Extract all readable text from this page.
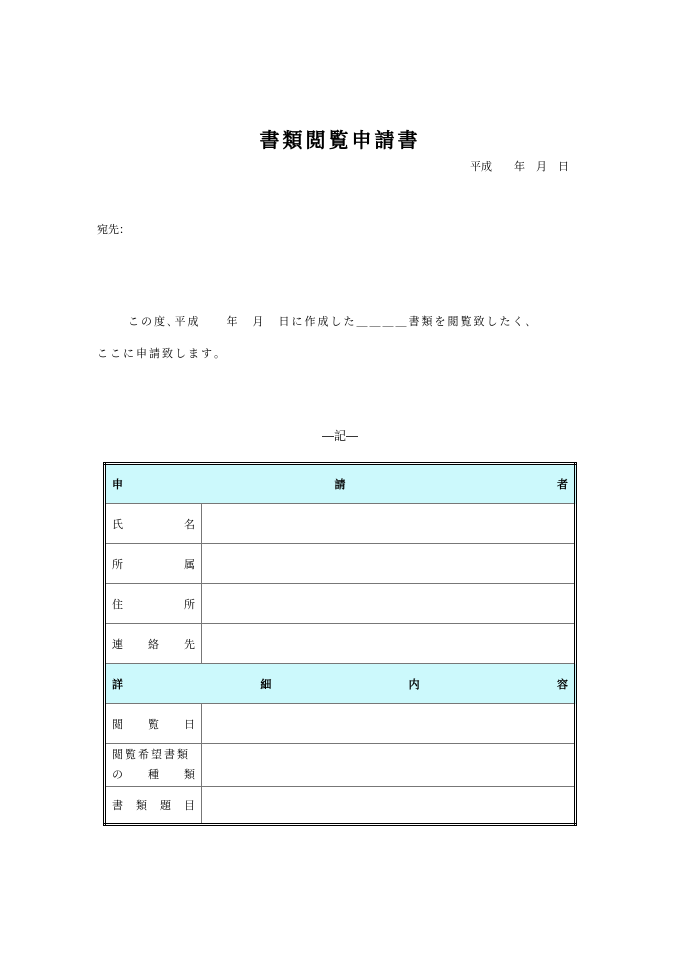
書類閲覧申請書
平成　　年　月　日
宛先：
この度､平成　　年　月　日に作成した＿＿＿＿書類を閲覧致したく､
ここに申請致します｡
―記―
申 請 者	

氏 名	

所 属	

住 所	

連 絡 先	

詳 細 内 容	

閲 覧 日	

閲覧希望書類
の 種 類	

書 類 題 目	
